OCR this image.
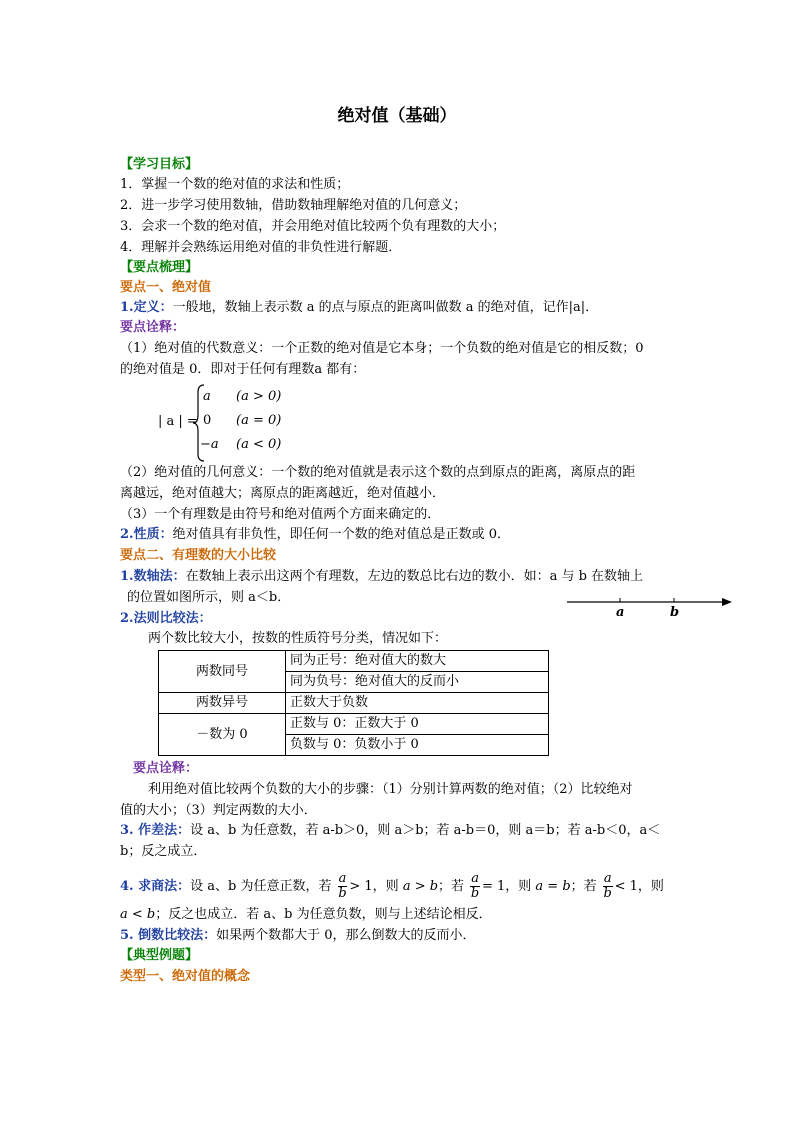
绝对值（基础）
【学习目标】
1．掌握一个数的绝对值的求法和性质；
2．进一步学习使用数轴，借助数轴理解绝对值的几何意义；
3．会求一个数的绝对值，并会用绝对值比较两个负有理数的大小；
4．理解并会熟练运用绝对值的非负性进行解题．
【要点梳理】
要点一、绝对值
1.定义：一般地，数轴上表示数 a 的点与原点的距离叫做数 a 的绝对值，记作|a|．
要点诠释：
（1）绝对值的代数意义：一个正数的绝对值是它本身；一个负数的绝对值是它的相反数；0
的绝对值是 0．即对于任何有理数a 都有：
| a | =
a (a > 0)
0 (a = 0)
−a (a < 0)
（2）绝对值的几何意义：一个数的绝对值就是表示这个数的点到原点的距离，离原点的距
离越远，绝对值越大；离原点的距离越近，绝对值越小．
（3）一个有理数是由符号和绝对值两个方面来确定的．
2.性质：绝对值具有非负性，即任何一个数的绝对值总是正数或 0．
要点二、有理数的大小比较
1.数轴法：在数轴上表示出这两个有理数，左边的数总比右边的数小．如：a 与 b 在数轴上
的位置如图所示，则 a＜b．
a	b
2.法则比较法：
两个数比较大小，按数的性质符号分类，情况如下：
两数同号	同为正号：绝对值大的数大
	同为负号：绝对值大的反而小
两数异号	正数大于负数
－数为 0	正数与 0：正数大于 0
	负数与 0：负数小于 0
要点诠释：
利用绝对值比较两个负数的大小的步骤：（1）分别计算两数的绝对值；（2）比较绝对
值的大小；（3）判定两数的大小．
3. 作差法：设 a、b 为任意数，若 a-b＞0，则 a＞b；若 a-b＝0，则 a＝b；若 a-b＜0，a＜
b；反之成立．
4. 求商法：设 a、b 为任意正数，若 $\frac{a}{b} > 1$，则 a > b；若 $\frac{a}{b} = 1$，则 a = b；若 $\frac{a}{b} < 1$，则
a < b；反之也成立．若 a、b 为任意负数，则与上述结论相反．
5. 倒数比较法：如果两个数都大于 0，那么倒数大的反而小．
【典型例题】
类型一、绝对值的概念
